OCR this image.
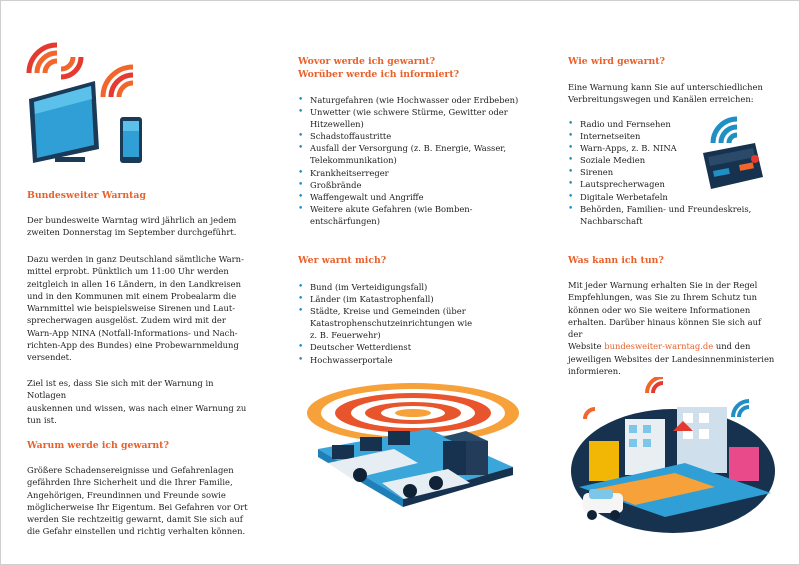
Bundesweiter Warntag

Der bundesweite Warntag wird jährlich an jedem
zweiten Donnerstag im September durchgeführt.

Dazu werden in ganz Deutschland sämtliche Warn-
mittel erprobt. Pünktlich um 11:00 Uhr werden
zeitgleich in allen 16 Ländern, in den Landkreisen
und in den Kommunen mit einem Probealarm die
Warnmittel wie beispielsweise Sirenen und Laut-
sprecherwagen ausgelöst. Zudem wird mit der
Warn-App NINA (Notfall-Informations- und Nach-
richten-App des Bundes) eine Probewarnmeldung
versendet.

Ziel ist es, dass Sie sich mit der Warnung in Notlagen
auskennen und wissen, was nach einer Warnung zu
tun ist.

Warum werde ich gewarnt?

Größere Schadensereignisse und Gefahrenlagen
gefährden Ihre Sicherheit und die Ihrer Familie,
Angehörigen, Freundinnen und Freunde sowie
möglicherweise Ihr Eigentum. Bei Gefahren vor Ort
werden Sie rechtzeitig gewarnt, damit Sie sich auf
die Gefahr einstellen und richtig verhalten können.

Wovor werde ich gewarnt?
Worüber werde ich informiert?
• Naturgefahren (wie Hochwasser oder Erdbeben)
• Unwetter (wie schwere Stürme, Gewitter oder
Hitzewellen)
• Schadstoffaustritte
• Ausfall der Versorgung (z. B. Energie, Wasser,
Telekommunikation)
• Krankheitserreger
• Großbrände
• Waffengewalt und Angriffe
• Weitere akute Gefahren (wie Bomben-
entschärfungen)
Wer warnt mich?
• Bund (im Verteidigungsfall)
• Länder (im Katastrophenfall)
• Städte, Kreise und Gemeinden (über
Katastrophenschutzeinrichtungen wie
z. B. Feuerwehr)
• Deutscher Wetterdienst
• Hochwasserportale
Wie wird gewarnt?

Eine Warnung kann Sie auf unterschiedlichen
Verbreitungswegen und Kanälen erreichen:

• Radio und Fernsehen
• Internetseiten
• Warn-Apps, z. B. NINA
• Soziale Medien
• Sirenen
• Lautsprecherwagen
• Digitale Werbetafeln
• Behörden, Familien- und Freundeskreis,
Nachbarschaft
Was kann ich tun?

Mit jeder Warnung erhalten Sie in der Regel
Empfehlungen, was Sie zu Ihrem Schutz tun
können oder wo Sie weitere Informationen
erhalten. Darüber hinaus können Sie sich auf der
Website bundesweiter-warntag.de und den
jeweiligen Websites der Landesinnenministerien
informieren.
